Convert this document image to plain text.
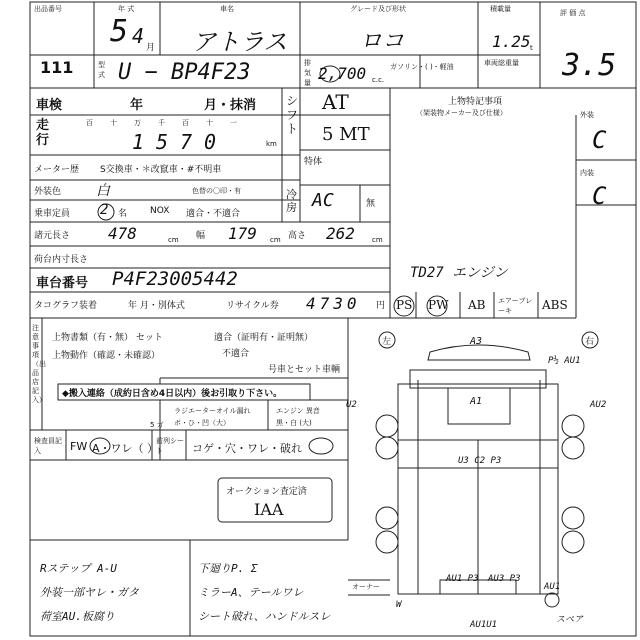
出品番号
111
年 式
5 4 月
車名
アトラス
グレード及び形状
ロコ
積載量
1.25 t
評 価 点
3.5
型式 U − BP4F23	排気量 2,700 c.c.
ガソリン・( )・軽油	車両総重量
車検	年	月・抹消 シフト
AT
5 MT
走行
百 十 万 千 百 十 一
1 5 7 0	km
メーター歴 S交換車・＊改竄車・#不明車
特体
外装色 白	色替の〇印・有	冷房 AC	無
乗車定員 2 名	NOX 適合・不適合
諸元長さ 478	cm 幅 179 cm 高さ 262 cm
荷台内寸長さ
車台番号 P4F23005442
タコグラフ装着	年 月・別体式	リサイクル券 4730 円 PS PW AB エアーブレーキ	ABS
上物特記事項
（架装物メーカー及び仕様）
TD27 エンジン
外装
C
内装
C
注意事項（出品店記入）
上物書類（有・無） セット	適合（証明有・証明無）
不適合
上物動作（確認・未確認）
号車とセット車輌
◆搬入連絡（成約日含め4日以内）後お引取り下さい。
ラジエーターオイル漏れ	エンジン 異音
ボ・ひ・凹（大）	黒・白 (大)
5 ガ
検査員記入	FW A・ワレ（ ）
前列シート	コゲ・穴・ワレ・破れ
オークション査定済
IAA
Rステップ A-U
外装一部ヤレ・ガタ
荷室AU.板腐り
下廻りP. Σ
ミラーA、テールワレ
シート破れ、ハンドルスレ
左	右
A3
A1
P½ AU1
U2	AU2
U3 C2 P3
AU1 P3 AU3 P3
AU1U1
AU1
スペア
W
オーナー
